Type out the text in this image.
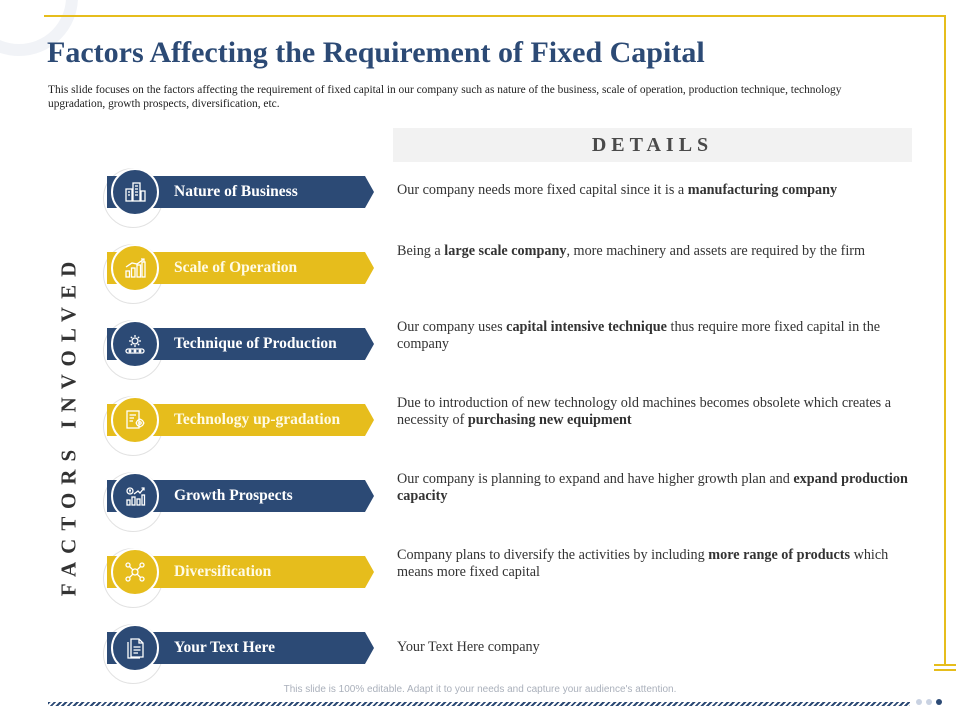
Factors Affecting the Requirement of Fixed Capital
This slide focuses on the factors affecting the requirement of fixed capital in our company such as nature of the business, scale of operation, production technique, technology upgradation, growth prospects, diversification, etc.
DETAILS
FACTORS INVOLVED
Nature of Business	Our company needs more fixed capital since it is a manufacturing company
Scale of Operation
Being a large scale company, more machinery and assets are required by the firm
Technique of Production
Our company uses capital intensive technique thus require more fixed capital in the company
Technology up-gradation
Due to introduction of new technology old machines becomes obsolete which creates a necessity of purchasing new equipment
Growth Prospects
Our company is planning to expand and have higher growth plan and expand production capacity
Diversification
Company plans to diversify the activities by including more range of products which means more fixed capital
Your Text Here	Your Text Here company
This slide is 100% editable. Adapt it to your needs and capture your audience's attention.
